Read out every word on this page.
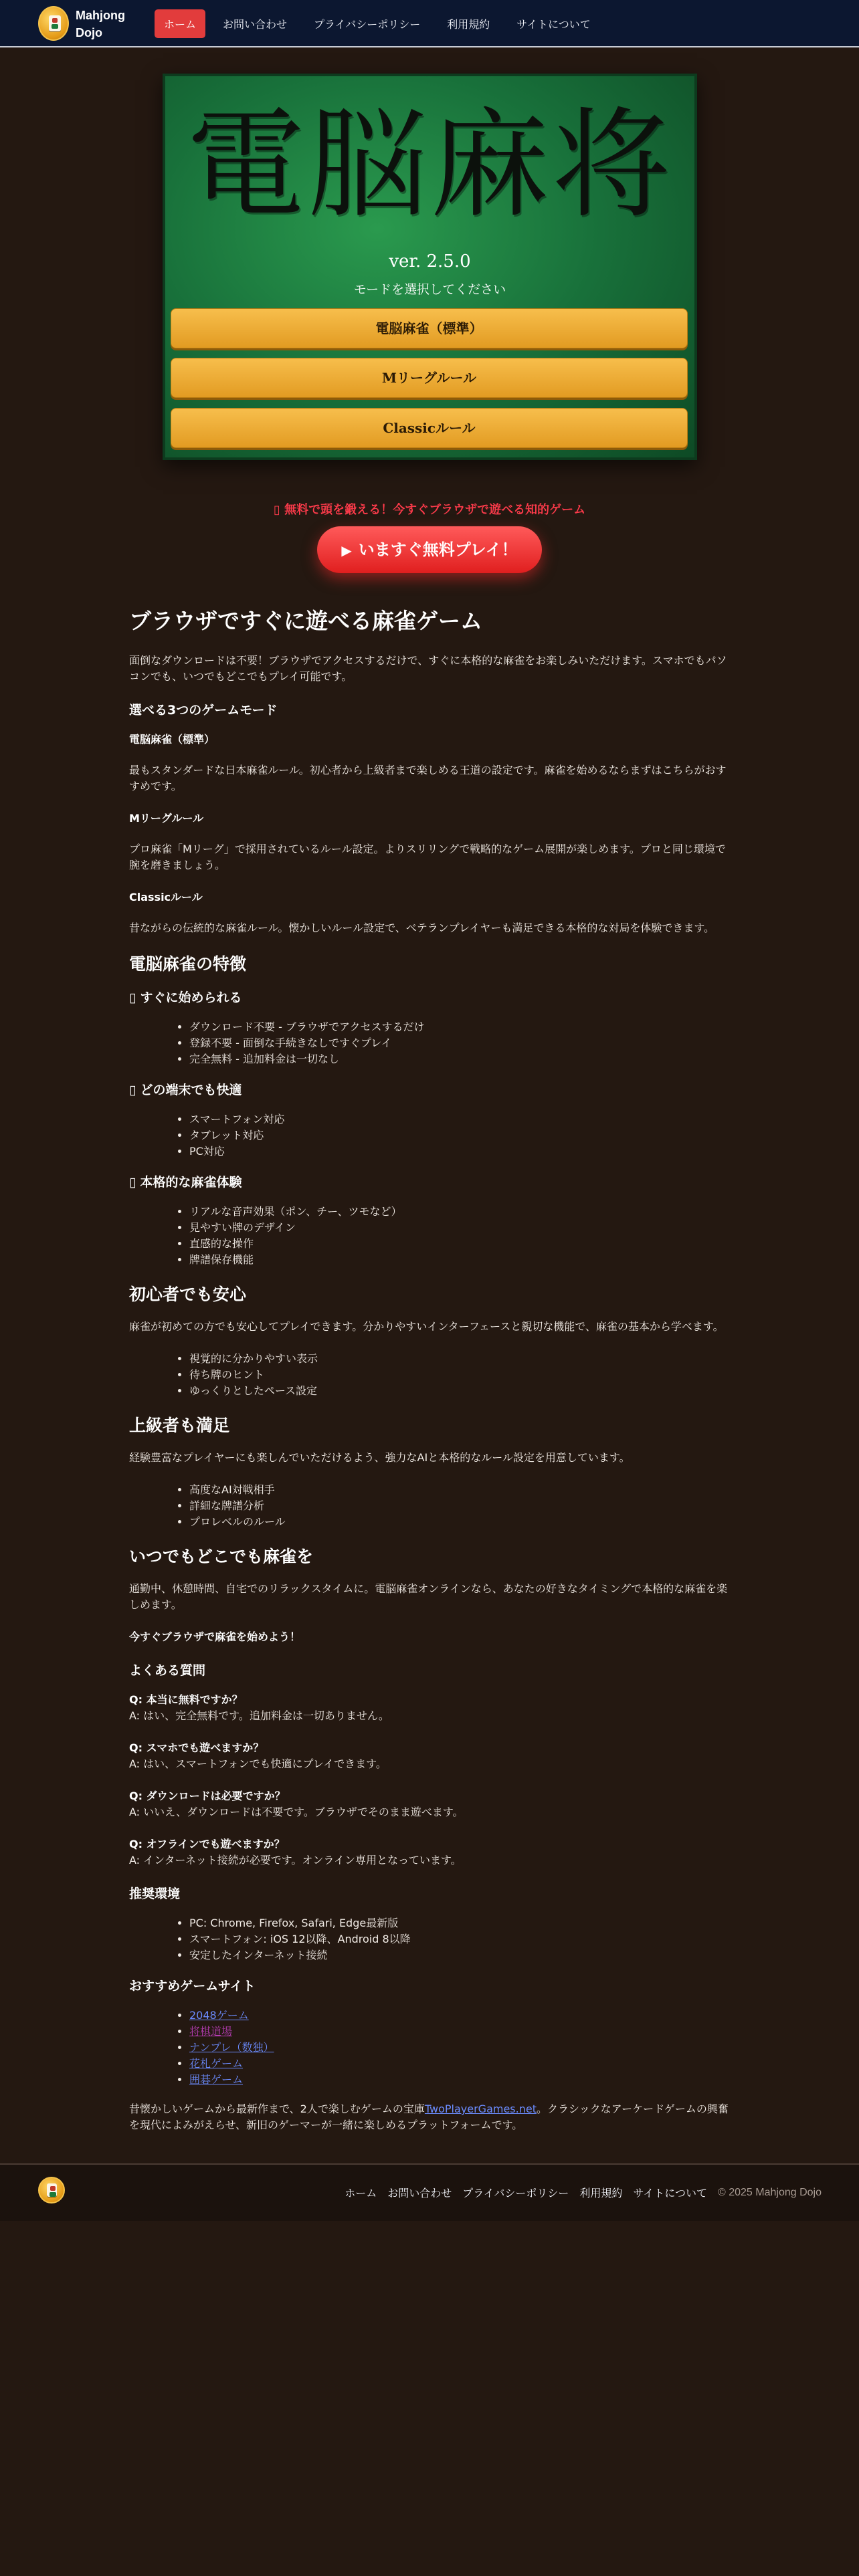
Mahjong Dojo
ホーム	お問い合わせ	プライバシーポリシー	利用規約	サイトについて
電脳麻将
ver. 2.5.0
モードを選択してください
電脳麻雀（標準）
Mリーグルール
Classicルール
▯ 無料で頭を鍛える！今すぐブラウザで遊べる知的ゲーム
▶ いますぐ無料プレイ！
ブラウザですぐに遊べる麻雀ゲーム

面倒なダウンロードは不要！ブラウザでアクセスするだけで、すぐに本格的な麻雀をお楽しみいただけます。スマホでもパソコンでも、いつでもどこでもプレイ可能です。

選べる3つのゲームモード
電脳麻雀（標準）

最もスタンダードな日本麻雀ルール。初心者から上級者まで楽しめる王道の設定です。麻雀を始めるならまずはこちらがおすすめです。

Mリーグルール

プロ麻雀「Mリーグ」で採用されているルール設定。よりスリリングで戦略的なゲーム展開が楽しめます。プロと同じ環境で腕を磨きましょう。

Classicルール

昔ながらの伝統的な麻雀ルール。懐かしいルール設定で、ベテランプレイヤーも満足できる本格的な対局を体験できます。

電脳麻雀の特徴
▯ すぐに始められる
• ダウンロード不要 - ブラウザでアクセスするだけ
• 登録不要 - 面倒な手続きなしですぐプレイ
• 完全無料 - 追加料金は一切なし
▯ どの端末でも快適
• スマートフォン対応
• タブレット対応
• PC対応
▯ 本格的な麻雀体験
• リアルな音声効果（ポン、チー、ツモなど）
• 見やすい牌のデザイン
• 直感的な操作
• 牌譜保存機能
初心者でも安心

麻雀が初めての方でも安心してプレイできます。分かりやすいインターフェースと親切な機能で、麻雀の基本から学べます。

• 視覚的に分かりやすい表示
• 待ち牌のヒント
• ゆっくりとしたペース設定
上級者も満足

経験豊富なプレイヤーにも楽しんでいただけるよう、強力なAIと本格的なルール設定を用意しています。

• 高度なAI対戦相手
• 詳細な牌譜分析
• プロレベルのルール
いつでもどこでも麻雀を

通勤中、休憩時間、自宅でのリラックスタイムに。電脳麻雀オンラインなら、あなたの好きなタイミングで本格的な麻雀を楽しめます。

今すぐブラウザで麻雀を始めよう！

よくある質問

Q: 本当に無料ですか？
A: はい、完全無料です。追加料金は一切ありません。

Q: スマホでも遊べますか？
A: はい、スマートフォンでも快適にプレイできます。

Q: ダウンロードは必要ですか？
A: いいえ、ダウンロードは不要です。ブラウザでそのまま遊べます。

Q: オフラインでも遊べますか？
A: インターネット接続が必要です。オンライン専用となっています。

推奨環境
• PC: Chrome, Firefox, Safari, Edge最新版
• スマートフォン: iOS 12以降、Android 8以降
• 安定したインターネット接続
おすすめゲームサイト
• 2048ゲーム
• 将棋道場
• ナンプレ（数独）
• 花札ゲーム
• 囲碁ゲーム

昔懐かしいゲームから最新作まで、2人で楽しむゲームの宝庫TwoPlayerGames.net。クラシックなアーケードゲームの興奮を現代によみがえらせ、新旧のゲーマーが一緒に楽しめるプラットフォームです。

ホーム お問い合わせ プライバシーポリシー 利用規約 サイトについて © 2025 Mahjong Dojo
